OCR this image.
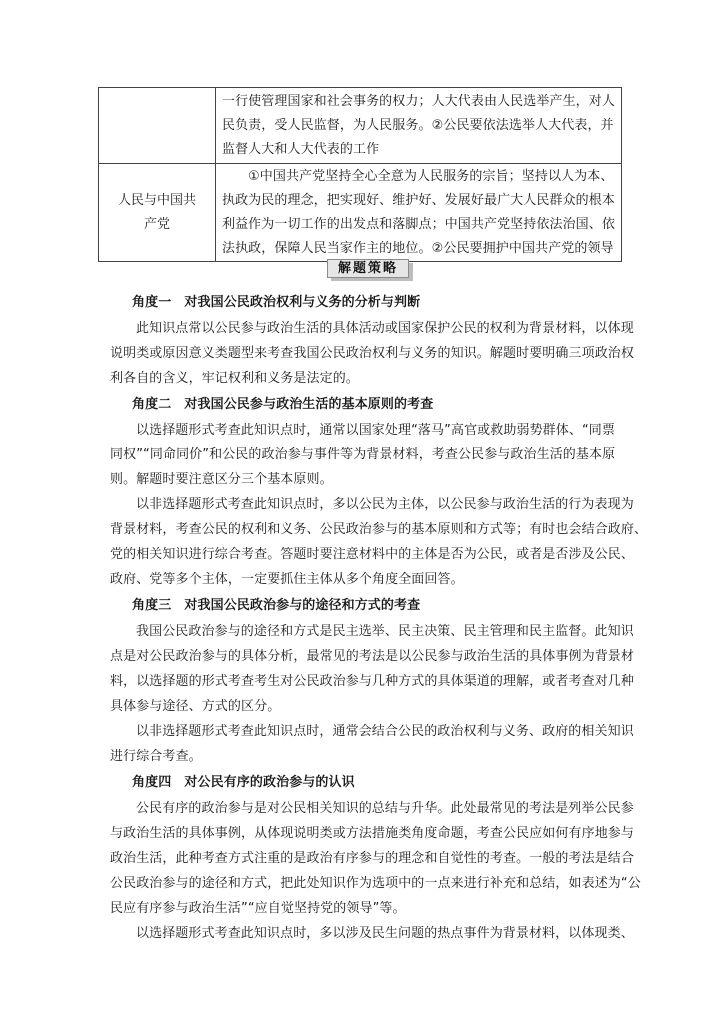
	一行使管理国家和社会事务的权力；人大代表由人民选举产生，对人
民负责，受人民监督，为人民服务。②公民要依法选举人大代表，并
监督人大和人大代表的工作

人民与中国共
产党	①中国共产党坚持全心全意为人民服务的宗旨；坚持以人为本、
执政为民的理念，把实现好、维护好、发展好最广大人民群众的根本
利益作为一切工作的出发点和落脚点；中国共产党坚持依法治国、依
法执政，保障人民当家作主的地位。②公民要拥护中国共产党的领导
解题策略
角度一　对我国公民政治权利与义务的分析与判断
此知识点常以公民参与政治生活的具体活动或国家保护公民的权利为背景材料，以体现
说明类或原因意义类题型来考查我国公民政治权利与义务的知识。解题时要明确三项政治权
利各自的含义，牢记权利和义务是法定的。
角度二　对我国公民参与政治生活的基本原则的考查
以选择题形式考查此知识点时，通常以国家处理“落马”高官或救助弱势群体、“同票
同权”“同命同价”和公民的政治参与事件等为背景材料，考查公民参与政治生活的基本原
则。解题时要注意区分三个基本原则。
以非选择题形式考查此知识点时，多以公民为主体，以公民参与政治生活的行为表现为
背景材料，考查公民的权利和义务、公民政治参与的基本原则和方式等；有时也会结合政府、
党的相关知识进行综合考查。答题时要注意材料中的主体是否为公民，或者是否涉及公民、
政府、党等多个主体，一定要抓住主体从多个角度全面回答。
角度三　对我国公民政治参与的途径和方式的考查
我国公民政治参与的途径和方式是民主选举、民主决策、民主管理和民主监督。此知识
点是对公民政治参与的具体分析，最常见的考法是以公民参与政治生活的具体事例为背景材
料，以选择题的形式考查考生对公民政治参与几种方式的具体渠道的理解，或者考查对几种
具体参与途径、方式的区分。
以非选择题形式考查此知识点时，通常会结合公民的政治权利与义务、政府的相关知识
进行综合考查。
角度四　对公民有序的政治参与的认识
公民有序的政治参与是对公民相关知识的总结与升华。此处最常见的考法是列举公民参
与政治生活的具体事例，从体现说明类或方法措施类角度命题，考查公民应如何有序地参与
政治生活，此种考查方式注重的是政治有序参与的理念和自觉性的考查。一般的考法是结合
公民政治参与的途径和方式，把此处知识作为选项中的一点来进行补充和总结，如表述为“公
民应有序参与政治生活”“应自觉坚持党的领导”等。
以选择题形式考查此知识点时，多以涉及民生问题的热点事件为背景材料，以体现类、
